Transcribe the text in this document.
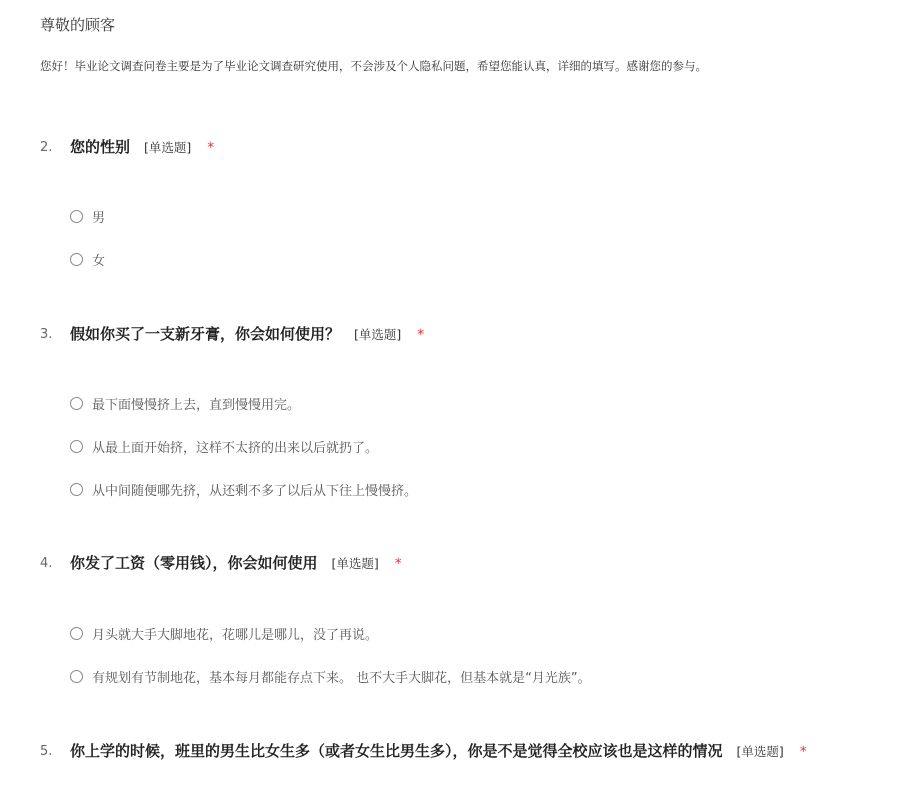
尊敬的顾客
您好！毕业论文调查问卷主要是为了毕业论文调查研究使用，不会涉及个人隐私问题，希望您能认真，详细的填写。感谢您的参与。
2. 您的性别 [单选题] *
男
女
3. 假如你买了一支新牙膏，你会如何使用？ [单选题] *
最下面慢慢挤上去，直到慢慢用完。
从最上面开始挤，这样不太挤的出来以后就扔了。
从中间随便哪先挤，从还剩不多了以后从下往上慢慢挤。
4. 你发了工资（零用钱），你会如何使用 [单选题] *
月头就大手大脚地花，花哪儿是哪儿，没了再说。
有规划有节制地花，基本每月都能存点下来。 也不大手大脚花，但基本就是“月光族”。
5. 你上学的时候，班里的男生比女生多（或者女生比男生多），你是不是觉得全校应该也是这样的情况 [单选题] *
